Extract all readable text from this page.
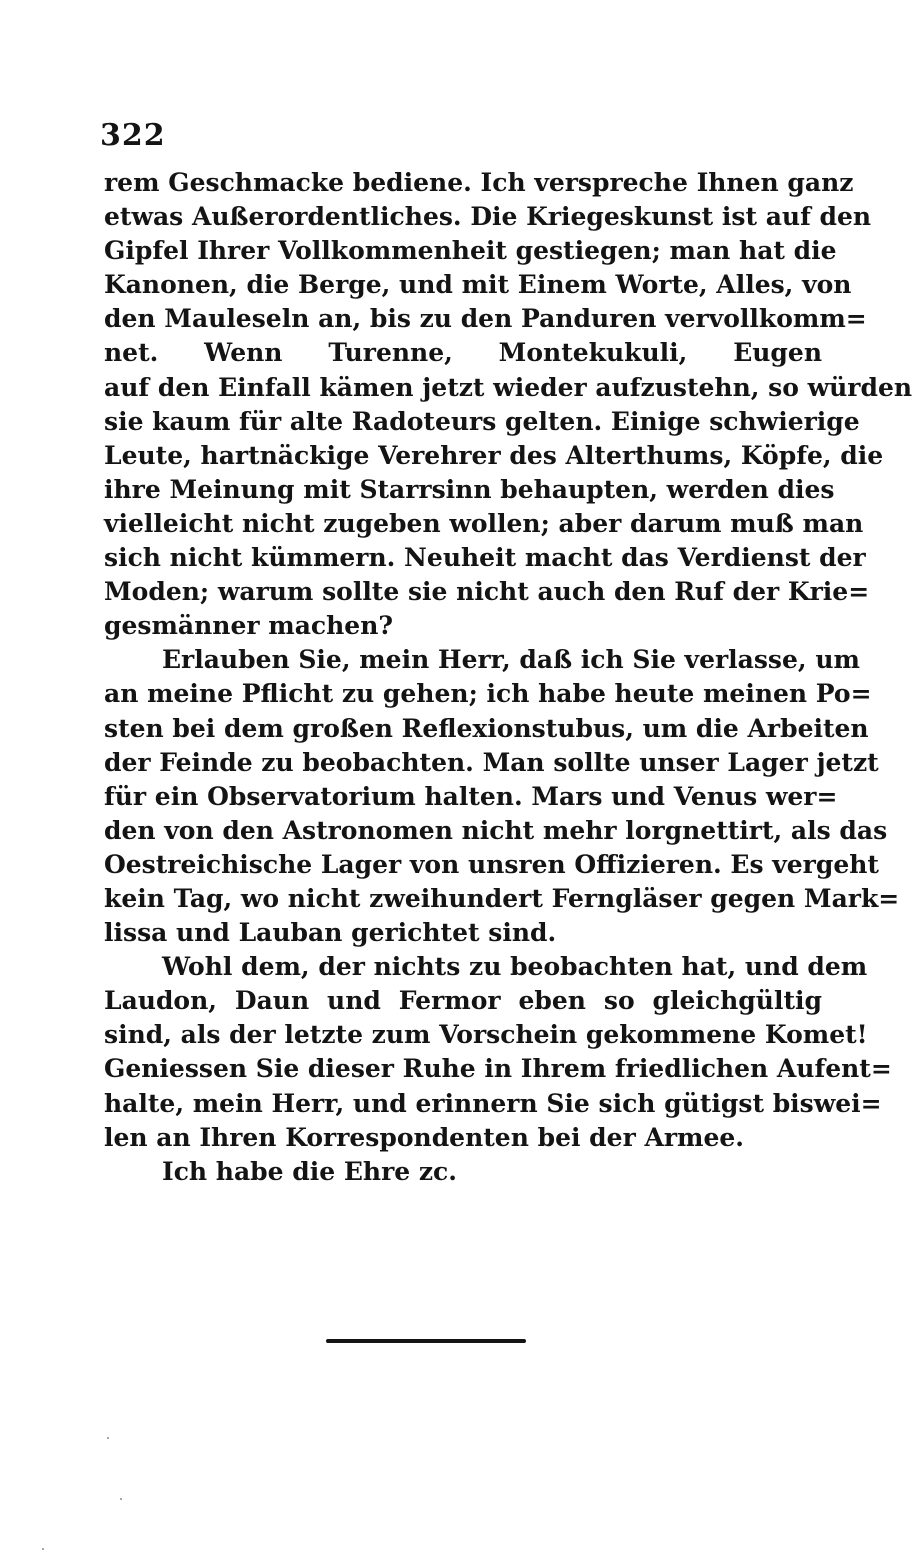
322
rem Geschmacke bediene. Ich verspreche Ihnen ganz
etwas Außerordentliches. Die Kriegeskunst ist auf den
Gipfel Ihrer Vollkommenheit gestiegen; man hat die
Kanonen, die Berge, und mit Einem Worte, Alles, von
den Mauleseln an, bis zu den Panduren vervollkomm=
net. Wenn Turenne, Montekukuli, Eugen
auf den Einfall kämen jetzt wieder aufzustehn, so würden
sie kaum für alte Radoteurs gelten. Einige schwierige
Leute, hartnäckige Verehrer des Alterthums, Köpfe, die
ihre Meinung mit Starrsinn behaupten, werden dies
vielleicht nicht zugeben wollen; aber darum muß man
sich nicht kümmern. Neuheit macht das Verdienst der
Moden; warum sollte sie nicht auch den Ruf der Krie=
gesmänner machen?
Erlauben Sie, mein Herr, daß ich Sie verlasse, um
an meine Pflicht zu gehen; ich habe heute meinen Po=
sten bei dem großen Reflexionstubus, um die Arbeiten
der Feinde zu beobachten. Man sollte unser Lager jetzt
für ein Observatorium halten. Mars und Venus wer=
den von den Astronomen nicht mehr lorgnettirt, als das
Oestreichische Lager von unsren Offizieren. Es vergeht
kein Tag, wo nicht zweihundert Ferngläser gegen Mark=
lissa und Lauban gerichtet sind.
Wohl dem, der nichts zu beobachten hat, und dem
Laudon, Daun und Fermor eben so gleichgültig
sind, als der letzte zum Vorschein gekommene Komet!
Geniessen Sie dieser Ruhe in Ihrem friedlichen Aufent=
halte, mein Herr, und erinnern Sie sich gütigst biswei=
len an Ihren Korrespondenten bei der Armee.
Ich habe die Ehre zc.
